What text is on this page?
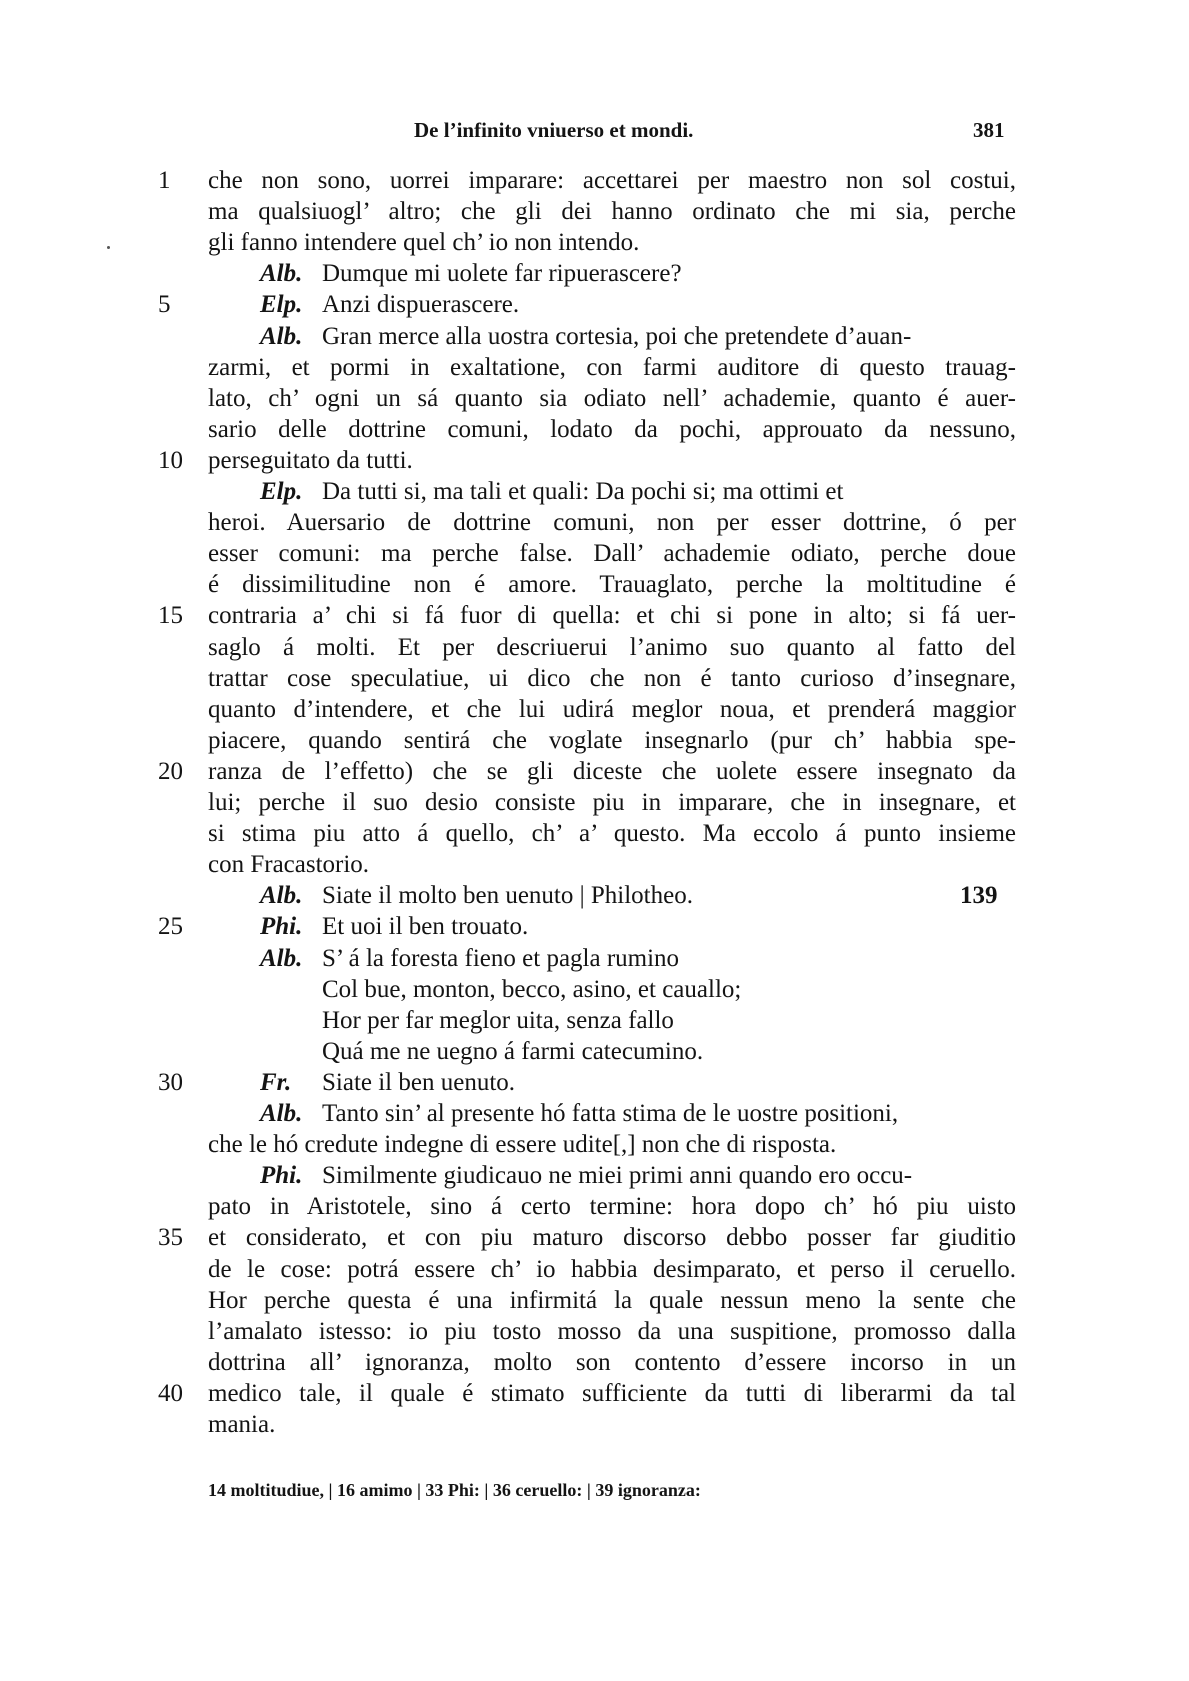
De l’infinito vniuerso et mondi.	381
1	che non sono, uorrei imparare: accettarei per maestro non sol costui,
ma qualsiuogl’ altro; che gli dei hanno ordinato che mi sia, perche
gli fanno intendere quel ch’ io non intendo.
Alb. Dumque mi uolete far ripuerascere?
5	Elp. Anzi dispuerascere.
Alb. Gran merce alla uostra cortesia, poi che pretendete d’auan-
zarmi, et pormi in exaltatione, con farmi auditore di questo trauag-
lato, ch’ ogni un sá quanto sia odiato nell’ achademie, quanto é auer-
sario delle dottrine comuni, lodato da pochi, approuato da nessuno,
10	perseguitato da tutti.
Elp. Da tutti si, ma tali et quali: Da pochi si; ma ottimi et
heroi. Auersario de dottrine comuni, non per esser dottrine, ó per
esser comuni: ma perche false. Dall’ achademie odiato, perche doue
é dissimilitudine non é amore. Trauaglato, perche la moltitudine é
15	contraria a’ chi si fá fuor di quella: et chi si pone in alto; si fá uer-
saglo á molti. Et per descriuerui l’animo suo quanto al fatto del
trattar cose speculatiue, ui dico che non é tanto curioso d’insegnare,
quanto d’intendere, et che lui udirá meglor noua, et prenderá maggior
piacere, quando sentirá che voglate insegnarlo (pur ch’ habbia spe-
20	ranza de l’effetto) che se gli diceste che uolete essere insegnato da
lui; perche il suo desio consiste piu in imparare, che in insegnare, et
si stima piu atto á quello, ch’ a’ questo. Ma eccolo á punto insieme
con Fracastorio.
Alb. Siate il molto ben uenuto | Philotheo.
25	Phi. Et uoi il ben trouato.
Alb. S’ á la foresta fieno et pagla rumino
Col bue, monton, becco, asino, et cauallo;
Hor per far meglor uita, senza fallo
Quá me ne uegno á farmi catecumino.
30	Fr. Siate il ben uenuto.
Alb. Tanto sin’ al presente hó fatta stima de le uostre positioni,
che le hó credute indegne di essere udite[,] non che di risposta.
Phi. Similmente giudicauo ne miei primi anni quando ero occu-
pato in Aristotele, sino á certo termine: hora dopo ch’ hó piu uisto
35	et considerato, et con piu maturo discorso debbo posser far giuditio
de le cose: potrá essere ch’ io habbia desimparato, et perso il ceruello.
Hor perche questa é una infirmitá la quale nessun meno la sente che
l’amalato istesso: io piu tosto mosso da una suspitione, promosso dalla
dottrina all’ ignoranza, molto son contento d’essere incorso in un
40	medico tale, il quale é stimato sufficiente da tutti di liberarmi da tal
mania.
139
14 moltitudiue, | 16 amimo | 33 Phi: | 36 ceruello: | 39 ignoranza:
